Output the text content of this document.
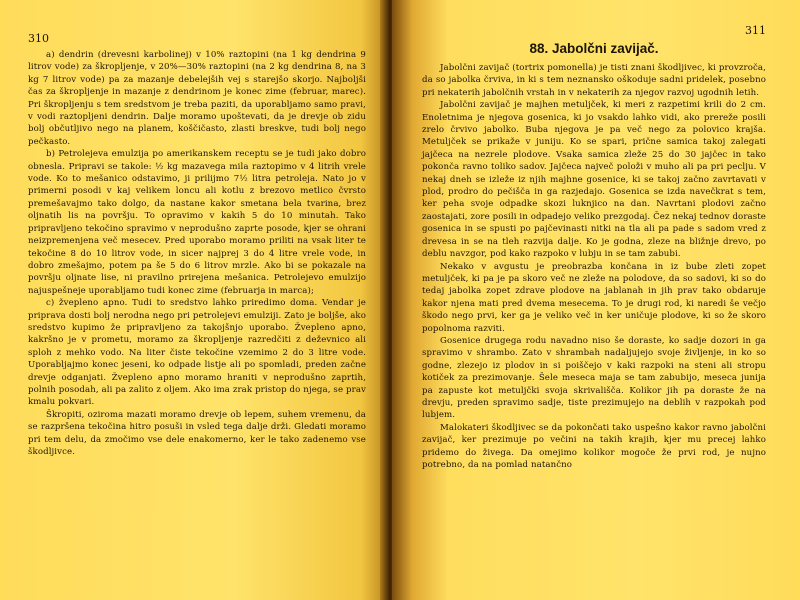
310

a) dendrin (drevesni karbolinej) v 10% raztopini (na 1 kg dendrina 9 litrov vode) za škropljenje, v 20%—30% raztopini (na 2 kg dendrina 8, na 3 kg 7 litrov vode) pa za mazanje debelejših vej s starejšo skorjo. Najboljši čas za škropljenje in mazanje z dendrinom je konec zime (februar, marec). Pri škropljenju s tem sredstvom je treba paziti, da uporabljamo samo pravi, v vodi raztopljeni dendrin. Dalje moramo upoštevati, da je drevje ob zidu bolj občutljivo nego na planem, koščičasto, zlasti breskve, tudi bolj nego pečkasto.

b) Petrolejeva emulzija po amerikanskem receptu se je tudi jako dobro obnesla. Pripravi se takole: ½ kg mazavega mila raztopimo v 4 litrih vrele vode. Ko to mešanico odstavimo, ji prilijmo 7½ litra petroleja. Nato jo v primerni posodi v kaj velikem loncu ali kotlu z brezovo metlico čvrsto premešavajmo tako dolgo, da nastane kakor smetana bela tvarina, brez oljnatih lis na površju. To opravimo v kakih 5 do 10 minutah. Tako pripravljeno tekočino spravimo v neprodušno zaprte posode, kjer se ohrani neizpremenjena več mesecev. Pred uporabo moramo priliti na vsak liter te tekočine 8 do 10 litrov vode, in sicer najprej 3 do 4 litre vrele vode, in dobro zmešajmo, potem pa še 5 do 6 litrov mrzle. Ako bi se pokazale na površju oljnate lise, ni pravilno prirejena mešanica. Petrolejevo emulzijo najuspešneje uporabljamo tudi konec zime (februarja in marca);

c) žvepleno apno. Tudi to sredstvo lahko priredimo doma. Vendar je priprava dosti bolj nerodna nego pri petrolejevi emulziji. Zato je boljše, ako sredstvo kupimo že pripravljeno za takojšnjo uporabo. Žvepleno apno, kakršno je v prometu, moramo za škropljenje razredčiti z deževnico ali sploh z mehko vodo. Na liter čiste tekočine vzemimo 2 do 3 litre vode. Uporabljajmo konec jeseni, ko odpade listje ali po spomladi, preden začne drevje odganjati. Žvepleno apno moramo hraniti v neprodušno zaprtih, polnih posodah, ali pa zalito z oljem. Ako ima zrak pristop do njega, se prav kmalu pokvari.

Škropiti, oziroma mazati moramo drevje ob lepem, suhem vremenu, da se razpršena tekočina hitro posuši in vsled tega dalje drži. Gledati moramo pri tem delu, da zmočimo vse dele enakomerno, ker le tako zadenemo vse škodljivce.

311
88. Jabolčni zavijač.

Jabolčni zavijač (tortrix pomonella) je tisti znani škodljivec, ki provzroča, da so jabolka črviva, in ki s tem neznansko oškoduje sadni pridelek, posebno pri nekaterih jabolčnih vrstah in v nekaterih za njegov razvoj ugodnih letih.

Jabolčni zavijač je majhen metuljček, ki meri z razpetimi krili do 2 cm. Enoletnima je njegova gosenica, ki jo vsakdo lahko vidi, ako prereže posili zrelo črvivo jabolko. Buba njegova je pa več nego za polovico krajša. Metuljček se prikaže v juniju. Ko se spari, prične samica takoj zalegati jajčeca na nezrele plodove. Vsaka samica zleže 25 do 30 jajčec in tako pokonča ravno toliko sadov. Jajčeca največ položi v muho ali pa pri peclju. V nekaj dneh se izleže iz njih majhne gosenice, ki se takoj začno zavrtavati v plod, prodro do pečišča in ga razjedajo. Gosenica se izda navečkrat s tem, ker peha svoje odpadke skozi luknjico na dan. Navrtani plodovi začno zaostajati, zore posili in odpadejo veliko prezgodaj. Čez nekaj tednov doraste gosenica in se spusti po pajčevinasti nitki na tla ali pa pade s sadom vred z drevesa in se na tleh razvija dalje. Ko je godna, zleze na bližnje drevo, po deblu navzgor, pod kako razpoko v lubju in se tam zabubi.

Nekako v avgustu je preobrazba končana in iz bube zleti zopet metuljček, ki pa je pa skoro več ne zleže na polodove, da so sadovi, ki so do tedaj jabolka zopet zdrave plodove na jablanah in jih prav tako obdaruje kakor njena mati pred dvema mesecema. To je drugi rod, ki naredi še večjo škodo nego prvi, ker ga je veliko več in ker uničuje plodove, ki so že skoro popolnoma razviti.

Gosenice drugega rodu navadno niso še doraste, ko sadje dozori in ga spravimo v shrambo. Zato v shrambah nadaljujejo svoje življenje, in ko so godne, zlezejo iz plodov in si poiščejo v kaki razpoki na steni ali stropu kotiček za prezimovanje. Šele meseca maja se tam zabubijo, meseca junija pa zapuste kot metuljčki svoja skrivališča. Kolikor jih pa doraste že na drevju, preden spravimo sadje, tiste prezimujejo na deblih v razpokah pod lubjem.

Malokateri škodljivec se da pokončati tako uspešno kakor ravno jabolčni zavijač, ker prezimuje po večini na takih krajih, kjer mu precej lahko pridemo do živega. Da omejimo kolikor mogoče že prvi rod, je nujno potrebno, da na pomlad natančno
